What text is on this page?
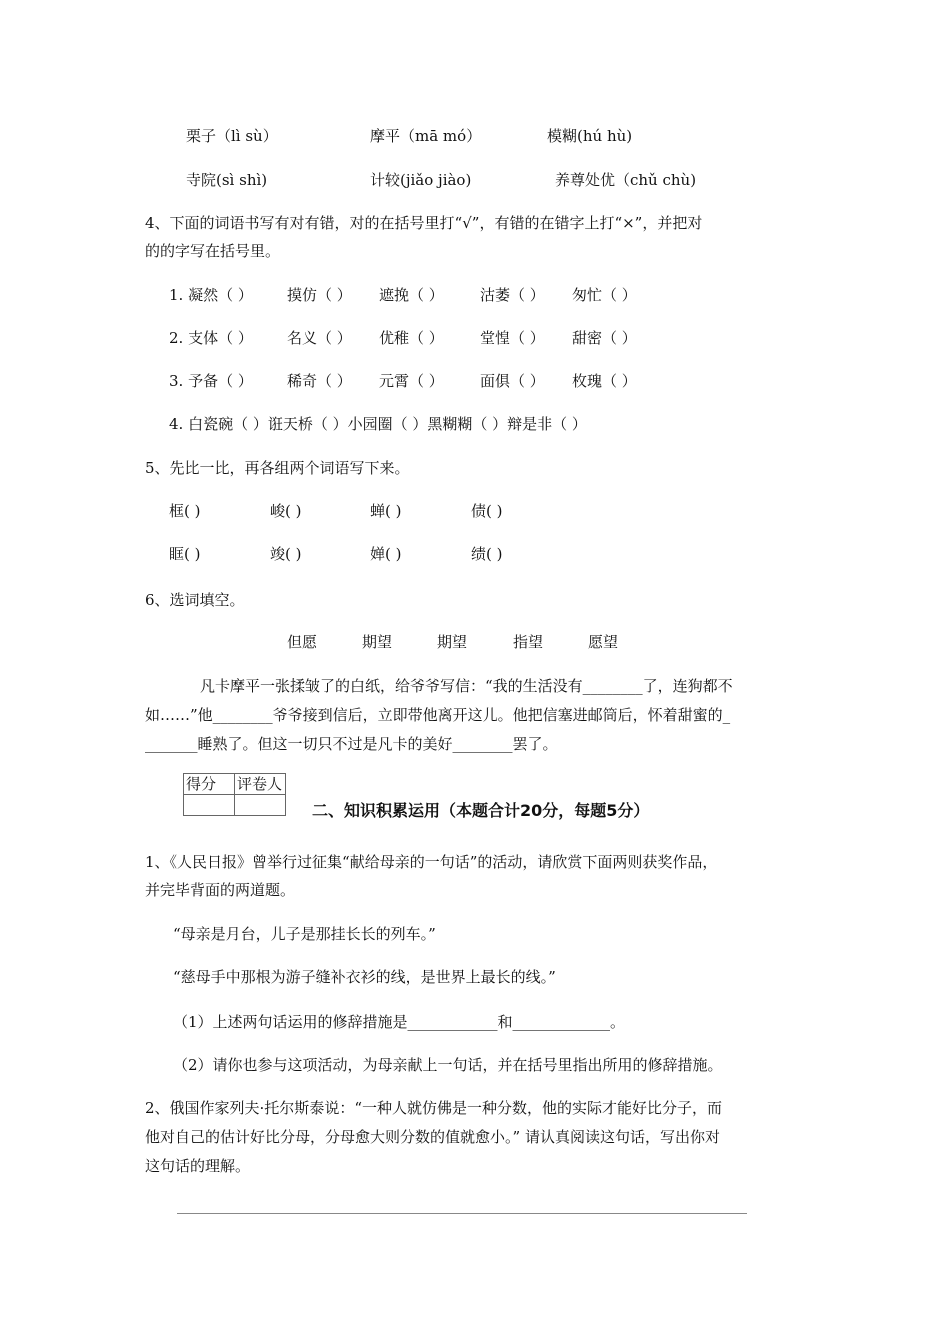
栗子（lì sù）	摩平（mā mó）	模糊(hú hù)
寺院(sì shì)	计较(jiǎo jiào)	养尊处优（chǔ chù)
4、下面的词语书写有对有错，对的在括号里打“√”，有错的在错字上打“×”，并把对
的的字写在括号里。
1. 凝然（ ） 摸仿（ ） 遮挽（ ） 沽萎（ ） 匆忙（ ）
2. 支体（ ） 名义（ ） 优稚（ ） 堂惶（ ） 甜密（ ）
3. 予备（ ） 稀奇（ ） 元霄（ ） 面俱（ ） 枚瑰（ ）
4. 白瓷碗（ ）诳天桥（ ）小园圈（ ）黑糊糊（ ）辩是非（ ）
5、先比一比，再各组两个词语写下来。
框( )	峻( )	蝉( )	债( )
眶( )	竣( )	婵( )	绩( )
6、选词填空。
但愿	期望	期望	指望	愿望
凡卡摩平一张揉皱了的白纸，给爷爷写信：“我的生活没有________了，连狗都不
如……”他________爷爷接到信后，立即带他离开这儿。他把信塞进邮筒后，怀着甜蜜的_
_______睡熟了。但这一切只不过是凡卡的美好________罢了。
得分	评卷人

二、知识积累运用（本题合计20分，每题5分）
1、《人民日报》曾举行过征集“献给母亲的一句话”的活动，请欣赏下面两则获奖作品，
并完毕背面的两道题。
“母亲是月台，儿子是那挂长长的列车。”
“慈母手中那根为游子缝补衣衫的线，是世界上最长的线。”
（1）上述两句话运用的修辞措施是____________和_____________。
（2）请你也参与这项活动，为母亲献上一句话，并在括号里指出所用的修辞措施。
2、俄国作家列夫·托尔斯泰说：“一种人就仿佛是一种分数，他的实际才能好比分子，而
他对自己的估计好比分母，分母愈大则分数的值就愈小。” 请认真阅读这句话，写出你对
这句话的理解。
